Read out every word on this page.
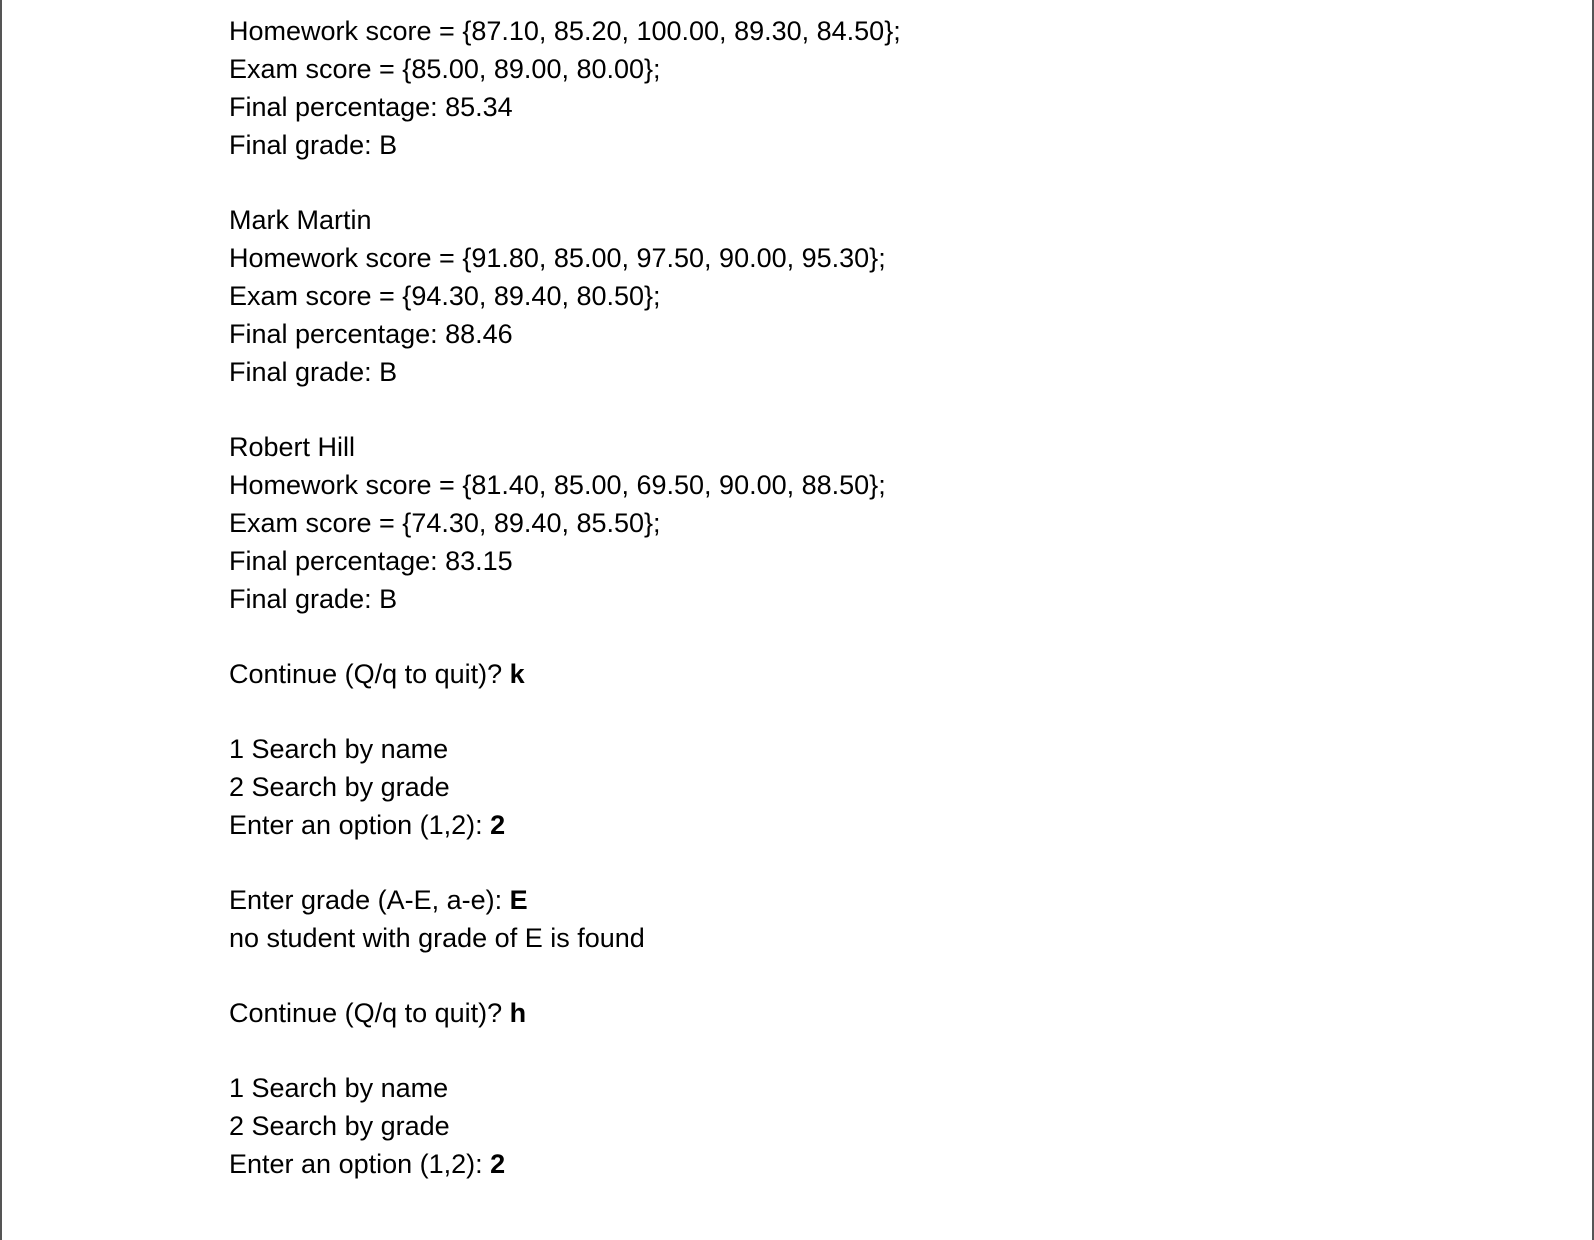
Homework score = {87.10, 85.20, 100.00, 89.30, 84.50};
Exam score = {85.00, 89.00, 80.00};
Final percentage: 85.34
Final grade: B
Mark Martin
Homework score = {91.80, 85.00, 97.50, 90.00, 95.30};
Exam score = {94.30, 89.40, 80.50};
Final percentage: 88.46
Final grade: B
Robert Hill
Homework score = {81.40, 85.00, 69.50, 90.00, 88.50};
Exam score = {74.30, 89.40, 85.50};
Final percentage: 83.15
Final grade: B
Continue (Q/q to quit)? k
1 Search by name
2 Search by grade
Enter an option (1,2): 2
Enter grade (A-E, a-e): E
no student with grade of E is found
Continue (Q/q to quit)? h
1 Search by name
2 Search by grade
Enter an option (1,2): 2
